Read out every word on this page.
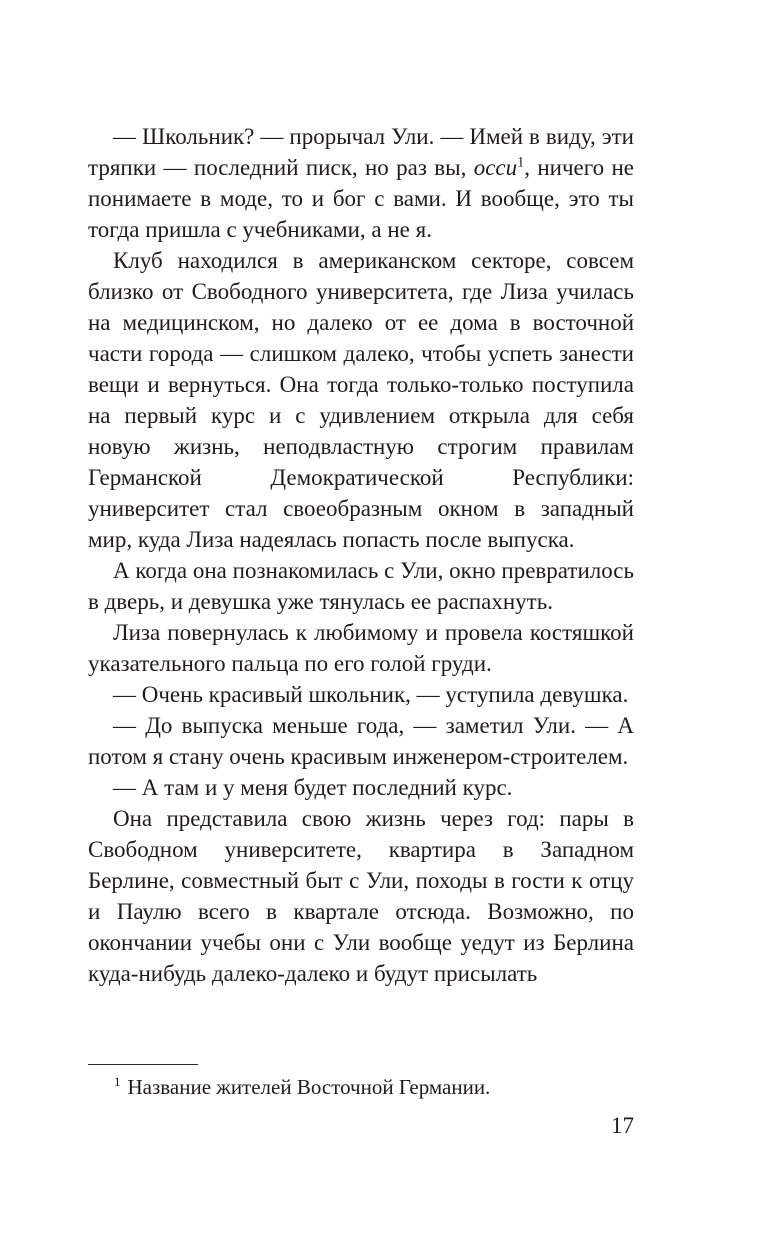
— Школьник? — прорычал Ули. — Имей в виду, эти тряпки — последний писк, но раз вы, осси$^1$, ничего не понимаете в моде, то и бог с вами. И вообще, это ты тогда пришла с учебниками, а не я.

Клуб находился в американском секторе, совсем близко от Свободного университета, где Лиза училась на медицинском, но далеко от ее дома в восточной части города — слишком далеко, чтобы успеть занести вещи и вернуться. Она тогда только-только поступила на первый курс и с удивлением открыла для себя новую жизнь, неподвластную строгим правилам Германской Демократической Республики: университет стал своеобразным окном в западный мир, куда Лиза надеялась попасть после выпуска.

А когда она познакомилась с Ули, окно превратилось в дверь, и девушка уже тянулась ее распахнуть.

Лиза повернулась к любимому и провела костяшкой указательного пальца по его голой груди.

— Очень красивый школьник, — уступила девушка.

— До выпуска меньше года, — заметил Ули. — А потом я стану очень красивым инженером-строителем.

— А там и у меня будет последний курс.

Она представила свою жизнь через год: пары в Свободном университете, квартира в Западном Берлине, совместный быт с Ули, походы в гости к отцу и Паулю всего в квартале отсюда. Возможно, по окончании учебы они с Ули вообще уедут из Берлина куда-нибудь далеко-далеко и будут присылать

$^1$ Название жителей Восточной Германии.

17
